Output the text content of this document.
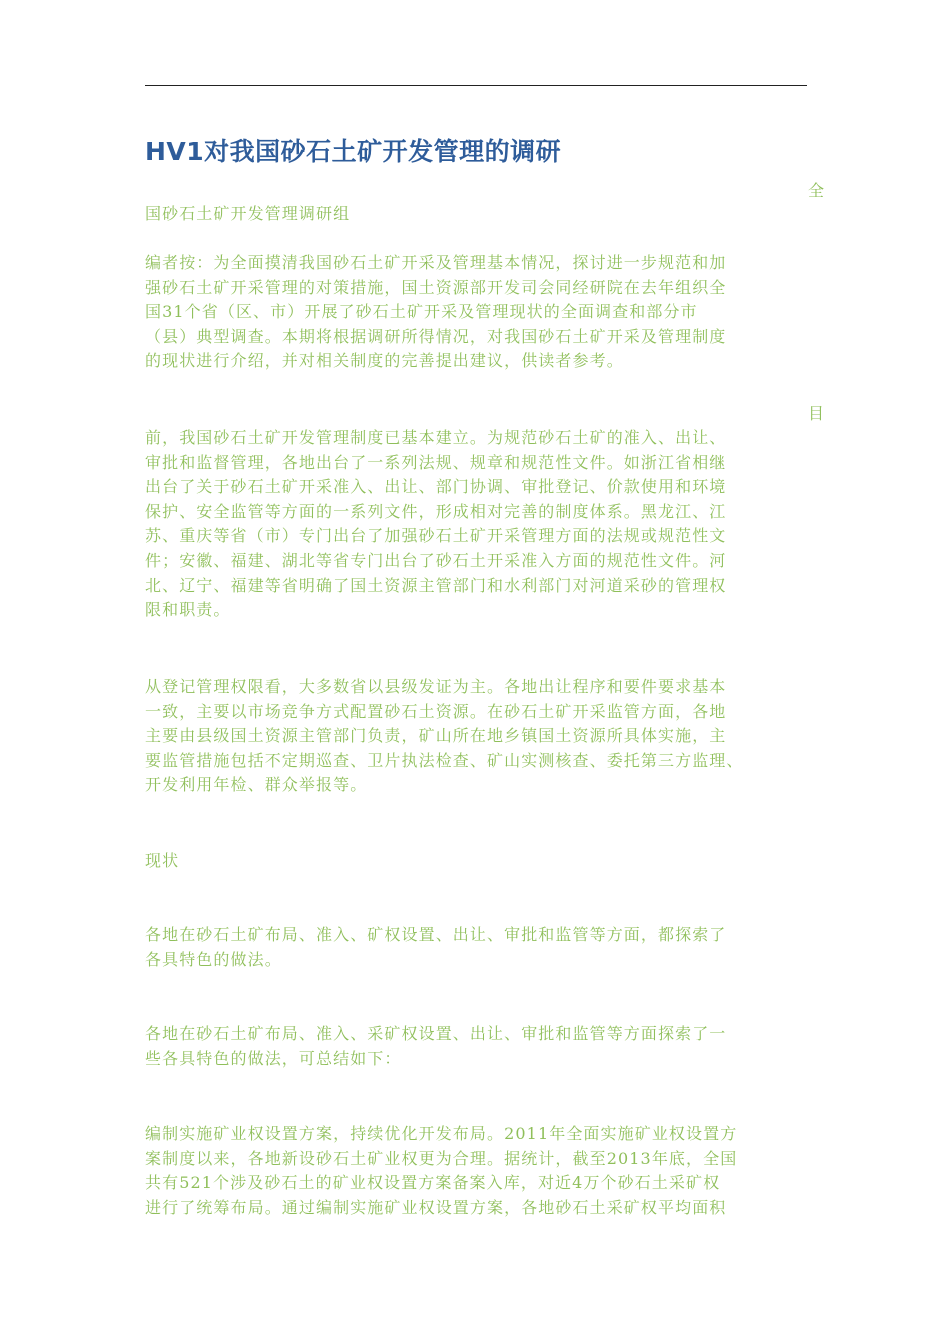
HV1对我国砂石土矿开发管理的调研
全

国砂石土矿开发管理调研组

编者按：为全面摸清我国砂石土矿开采及管理基本情况，探讨进一步规范和加
强砂石土矿开采管理的对策措施，国土资源部开发司会同经研院在去年组织全
国31个省（区、市）开展了砂石土矿开采及管理现状的全面调查和部分市
（县）典型调查。本期将根据调研所得情况，对我国砂石土矿开采及管理制度
的现状进行介绍，并对相关制度的完善提出建议，供读者参考。

目

前，我国砂石土矿开发管理制度已基本建立。为规范砂石土矿的准入、出让、
审批和监督管理，各地出台了一系列法规、规章和规范性文件。如浙江省相继
出台了关于砂石土矿开采准入、出让、部门协调、审批登记、价款使用和环境
保护、安全监管等方面的一系列文件，形成相对完善的制度体系。黑龙江、江
苏、重庆等省（市）专门出台了加强砂石土矿开采管理方面的法规或规范性文
件；安徽、福建、湖北等省专门出台了砂石土开采准入方面的规范性文件。河
北、辽宁、福建等省明确了国土资源主管部门和水利部门对河道采砂的管理权
限和职责。

从登记管理权限看，大多数省以县级发证为主。各地出让程序和要件要求基本
一致，主要以市场竞争方式配置砂石土资源。在砂石土矿开采监管方面，各地
主要由县级国土资源主管部门负责，矿山所在地乡镇国土资源所具体实施，主
要监管措施包括不定期巡查、卫片执法检查、矿山实测核查、委托第三方监理、
开发利用年检、群众举报等。

现状

各地在砂石土矿布局、准入、矿权设置、出让、审批和监管等方面，都探索了
各具特色的做法。

各地在砂石土矿布局、准入、采矿权设置、出让、审批和监管等方面探索了一
些各具特色的做法，可总结如下：

编制实施矿业权设置方案，持续优化开发布局。2011年全面实施矿业权设置方
案制度以来，各地新设砂石土矿业权更为合理。据统计，截至2013年底，全国
共有521个涉及砂石土的矿业权设置方案备案入库，对近4万个砂石土采矿权
进行了统筹布局。通过编制实施矿业权设置方案，各地砂石土采矿权平均面积
